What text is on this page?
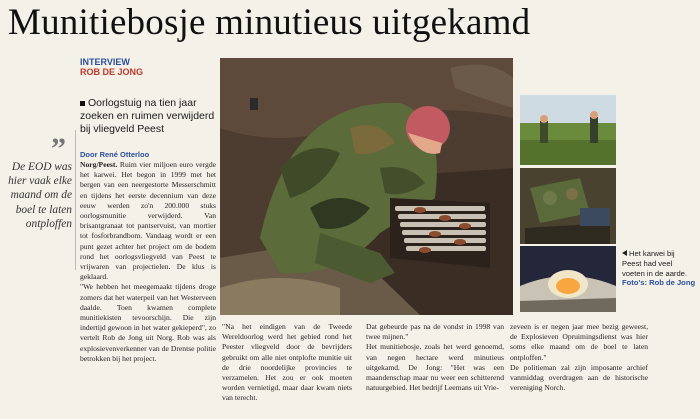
Munitiebosje minutieus uitgekamd
INTERVIEW
ROB DE JONG
Oorlogstuig na tien jaar zoeken en ruimen verwijderd bij vliegveld Peest
”
De EOD was hier vaak elke maand om de boel te laten ontploffen
Door René Otterloo

Norg/Peest. Ruim vier miljoen euro vergde het karwei. Het begon in 1999 met het bergen van een neergestorte Messerschmitt en tijdens het eerste decennium van deze eeuw werden zo'n 200.000 stuks oorlogsmunitie verwijderd. Van brisantgranaat tot pantservuist, van mortier tot fosforbrandbom. Vandaag wordt er een punt gezet achter het project om de bodem rond het oorlogsvliegveld van Peest te vrijwaren van projectielen. De klus is geklaard.

"We hebben het meegemaakt tijdens droge zomers dat het waterpeil van het Westerveen daalde. Toen kwamen complete munitiekisten tevoorschijn. Die zijn indertijd gewoon in het water gekieperd", zo vertelt Rob de Jong uit Norg. Rob was als explosievenverkenner van de Drentse politie betrokken bij het project.

Het karwei bij Peest had veel voeten in de aarde. Foto's: Rob de Jong

"Na het eindigen van de Tweede Wereldoorlog werd het gebied rond het Peester vliegveld door de bevrijders gebruikt om alle niet ontplofte munitie uit de drie noordelijke provincies te verzamelen. Het zou er ook moeten worden vernietigd, maar daar kwam niets van terecht.

Dat gebeurde pas na de vondst in 1998 van twee mijnen."

Het munitiebosje, zoals het werd genoemd, van negen hectare werd minutieus uitgekamd. De Jong: "Het was een maandenschap maar nu weer een schitterend natuurgebied. Het bedrijf Leemans uit Vrie-

zeveen is er negen jaar mee bezig geweest, de Explosieven Opruimingsdienst was hier soms elke maand om de boel te laten ontploffen."

De politieman zal zijn imposante archief vanmiddag overdragen aan de historische vereniging Norch.
